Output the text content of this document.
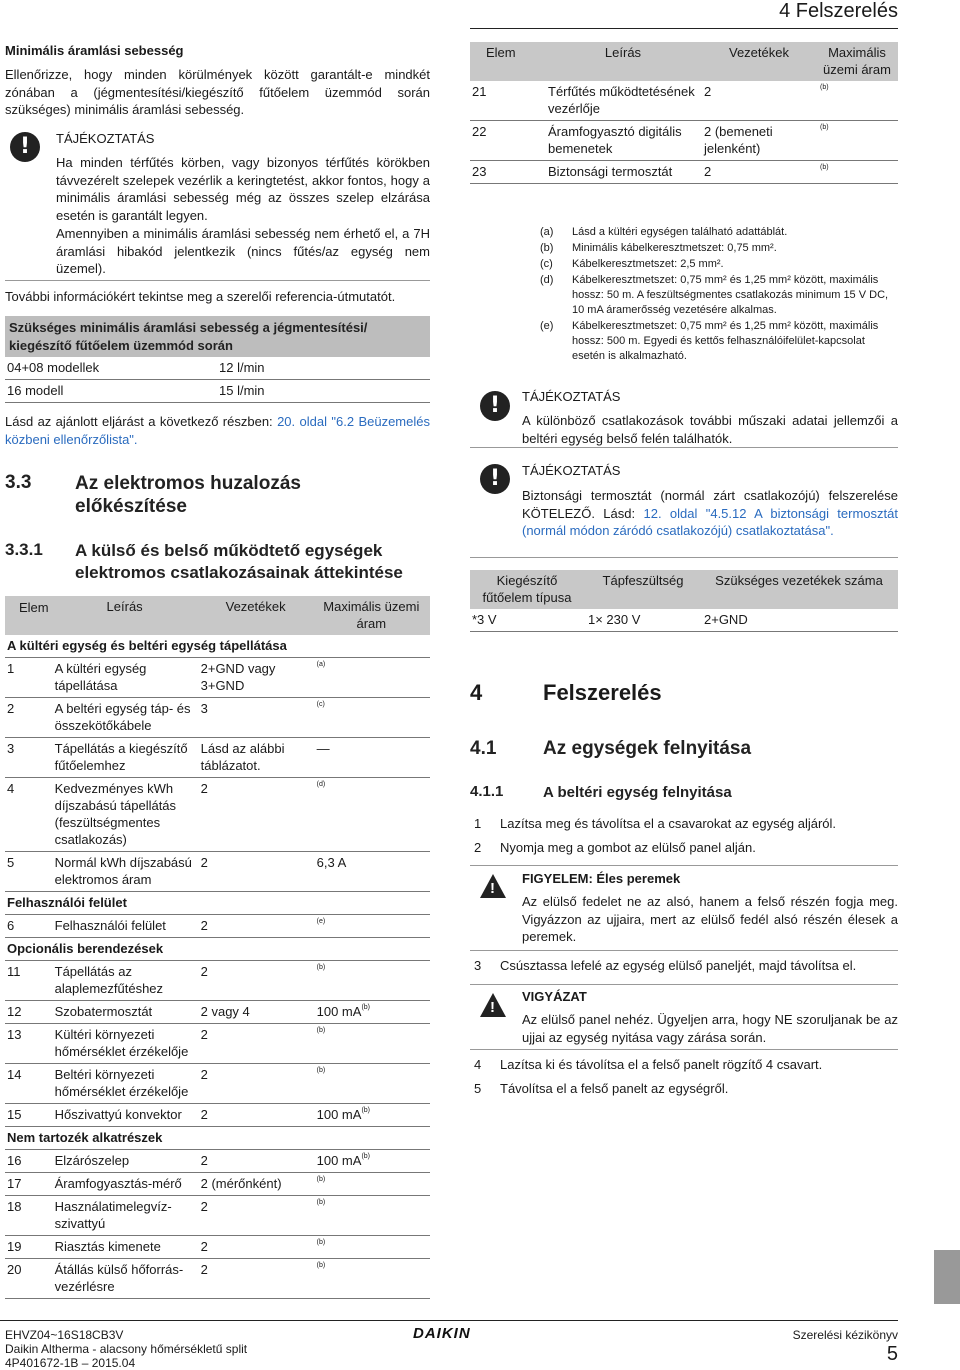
4 Felszerelés
Minimális áramlási sebesség
Ellenőrizze, hogy minden körülmények között garantált-e mindkét zónában a (jégmentesítési/kiegészítő fűtőelem üzemmód során szükséges) minimális áramlási sebesség.
!	TÁJÉKOZTATÁS
Ha minden térfűtés körben, vagy bizonyos térfűtés körökben távvezérelt szelepek vezérlik a keringtetést, akkor fontos, hogy a minimális áramlási sebesség még az összes szelep elzárása esetén is garantált legyen.
Amennyiben a minimális áramlási sebesség nem érhető el, a 7H áramlási hibakód jelentkezik (nincs fűtés/az egység nem üzemel).
További információkért tekintse meg a szerelői referencia-útmutatót.
Szükséges minimális áramlási sebesség a jégmentesítési/ kiegészítő fűtőelem üzemmód során
04+08 modellek	12 l/min
16 modell	15 l/min
Lásd az ajánlott eljárást a következő részben: 20. oldal "6.2 Beüzemelés közbeni ellenőrzőlista".
3.3 Az elektromos huzalozás előkészítése
3.3.1 A külső és belső működtető egységek elektromos csatlakozásainak áttekintése
Elem	Leírás	Vezetékek	Maximális üzemi áram
A kültéri egység és beltéri egység tápellátása			
1	A kültéri egység tápellátása	2+GND vagy 3+GND	$^{(a)}$
2	A beltéri egység táp- és összekötőkábele	3	$^{(c)}$
3	Tápellátás a kiegészítő fűtőelemhez	Lásd az alábbi táblázatot.	—
4	Kedvezményes kWh díjszabású tápellátás (feszültségmentes csatlakozás)	2	$^{(d)}$
5	Normál kWh díjszabású elektromos áram	2	6,3 A
Felhasználói felület			
6	Felhasználói felület	2	$^{(e)}$
Opcionális berendezések			
11	Tápellátás az alaplemezfűtéshez	2	$^{(b)}$
12	Szobatermosztát	2 vagy 4	100 $mA^{(b)}$
13	Kültéri környezeti hőmérséklet érzékelője	2	$^{(b)}$
14	Beltéri környezeti hőmérséklet érzékelője	2	$^{(b)}$
15	Hőszivattyú konvektor	2	100 $mA^{(b)}$
Nem tartozék alkatrészek			
16	Elzárószelep	2	100 $mA^{(b)}$
17	Áramfogyasztás-mérő	2 (mérőnként)	$^{(b)}$
18	Használatimelegvíz-szivattyú	2	$^{(b)}$
19	Riasztás kimenete	2	$^{(b)}$
20	Átállás külső hőforrás-vezérlésre	2	$^{(b)}$
Elem	Leírás	Vezetékek	Maximális üzemi áram
21	Térfűtés működtetésének vezérlője	2	$^{(b)}$
22	Áramfogyasztó digitális bemenetek	2 (bemeneti jelenként)	$^{(b)}$
23	Biztonsági termosztát	2	$^{(b)}$
(a) Lásd a kültéri egységen található adattáblát.
(b) Minimális kábelkeresztmetszet: 0,75 mm².
(c) Kábelkeresztmetszet: 2,5 mm².
(d) Kábelkeresztmetszet: 0,75 mm² és 1,25 mm² között, maximális hossz: 50 m. A feszültségmentes csatlakozás minimum 15 V DC, 10 mA áramerősség vezetésére alkalmas.
(e) Kábelkeresztmetszet: 0,75 mm² és 1,25 mm² között, maximális hossz: 500 m. Egyedi és kettős felhasználóifelület-kapcsolat esetén is alkalmazható.
!	TÁJÉKOZTATÁS
A különböző csatlakozások további műszaki adatai jellemzői a beltéri egység belső felén találhatók.
!	TÁJÉKOZTATÁS
Biztonsági termosztát (normál zárt csatlakozójú) felszerelése KÖTELEZŐ. Lásd: 12. oldal "4.5.12 A biztonsági termosztát (normál módon záródó csatlakozójú) csatlakoztatása".
Kiegészítő fűtőelem típusa	Tápfeszültség	Szükséges vezetékek száma
*3 V	1× 230 V	2+GND
4	Felszerelés
4.1 Az egységek felnyitása
4.1.1	A beltéri egység felnyitása
1 Lazítsa meg és távolítsa el a csavarokat az egység aljáról.
2 Nyomja meg a gombot az elülső panel alján.
!
FIGYELEM: Éles peremek
Az elülső fedelet ne az alsó, hanem a felső részén fogja meg. Vigyázzon az ujjaira, mert az elülső fedél alsó részén élesek a peremek.
3 Csúsztassa lefelé az egység elülső paneljét, majd távolítsa el.
!
VIGYÁZAT
Az elülső panel nehéz. Ügyeljen arra, hogy NE szoruljanak be az ujjai az egység nyitása vagy zárása során.
4 Lazítsa ki és távolítsa el a felső panelt rögzítő 4 csavart.
5 Távolítsa el a felső panelt az egységről.
EHVZ04~16S18CB3V
Daikin Altherma - alacsony hőmérsékletű split
4P401672-1B – 2015.04
DAIKIN	Szerelési kézikönyv
5
